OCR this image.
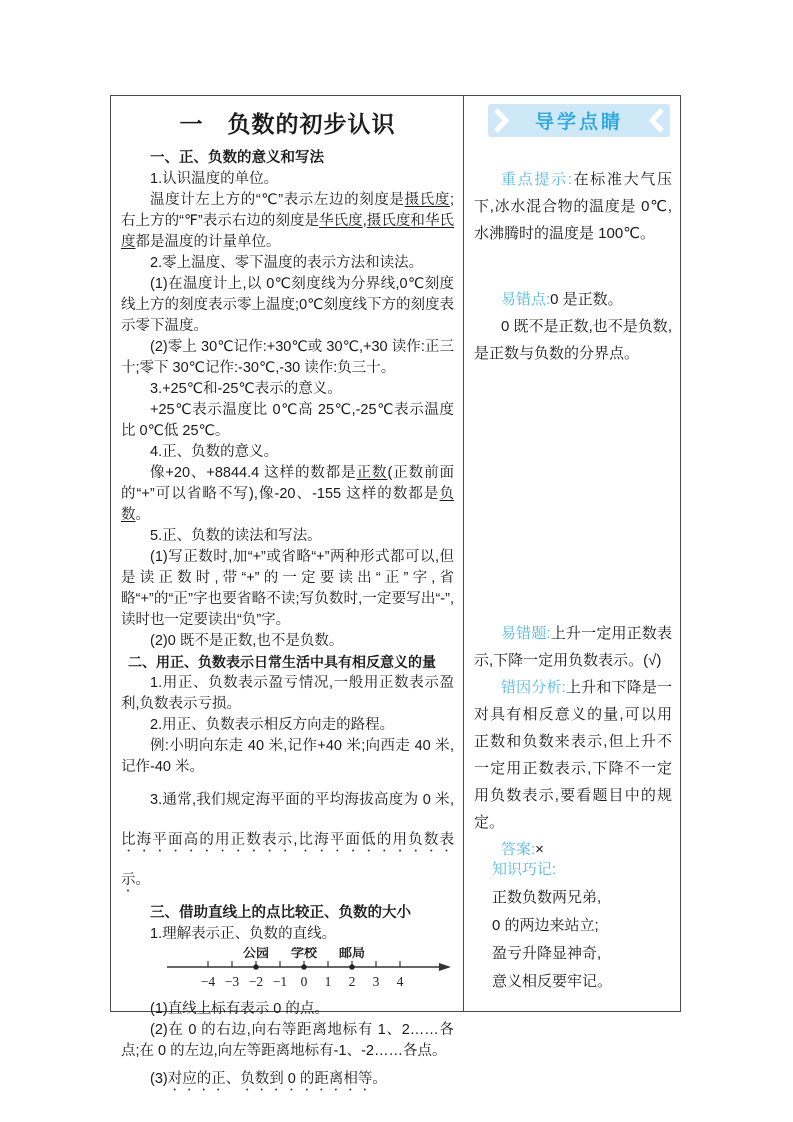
一　负数的初步认识
一、正、负数的意义和写法
1.认识温度的单位。
温度计左上方的“℃”表示左边的刻度是摄氏度;右上方的“℉”表示右边的刻度是华氏度,摄氏度和华氏度都是温度的计量单位。
2.零上温度、零下温度的表示方法和读法。
(1)在温度计上,以 0℃刻度线为分界线,0℃刻度线上方的刻度表示零上温度;0℃刻度线下方的刻度表示零下温度。
(2)零上 30℃记作:+30℃或 30℃,+30 读作:正三十;零下 30℃记作:-30℃,-30 读作:负三十。
3.+25℃和-25℃表示的意义。
+25℃表示温度比 0℃高 25℃,-25℃表示温度比 0℃低 25℃。
4.正、负数的意义。
像+20、+8844.4 这样的数都是正数(正数前面的“+”可以省略不写),像-20、-155 这样的数都是负数。
5.正、负数的读法和写法。
(1)写正数时,加“+”或省略“+”两种形式都可以,但是读正数时,带“+”的一定要读出“正”字,省略“+”的“正”字也要省略不读;写负数时,一定要写出“-”,读时也一定要读出“负”字。
(2)0 既不是正数,也不是负数。
二、用正、负数表示日常生活中具有相反意义的量
1.用正、负数表示盈亏情况,一般用正数表示盈利,负数表示亏损。
2.用正、负数表示相反方向走的路程。
例:小明向东走 40 米,记作+40 米;向西走 40 米,记作-40 米。
3.通常,我们规定海平面的平均海拔高度为 0 米,比海平面高的用正数表示,比海平面低的用负数表示。
三、借助直线上的点比较正、负数的大小
1.理解表示正、负数的直线。
−4 −3 −2 −1 0 1 2 3 4
公园 学校 邮局
(1)直线上标有表示 0 的点。
(2)在 0 的右边,向右等距离地标有 1、2……各点;在 0 的左边,向左等距离地标有-1、-2……各点。
(3)对应的正、负数到 0 的距离相等。
导学点睛
重点提示:在标准大气压下,冰水混合物的温度是 0℃,水沸腾时的温度是 100℃。
易错点:0 是正数。
0 既不是正数,也不是负数,是正数与负数的分界点。
易错题:上升一定用正数表示,下降一定用负数表示。(√)
错因分析:上升和下降是一对具有相反意义的量,可以用正数和负数来表示,但上升不一定用正数表示,下降不一定用负数表示,要看题目中的规定。
答案:×
知识巧记:
正数负数两兄弟,
0 的两边来站立;
盈亏升降显神奇,
意义相反要牢记。
